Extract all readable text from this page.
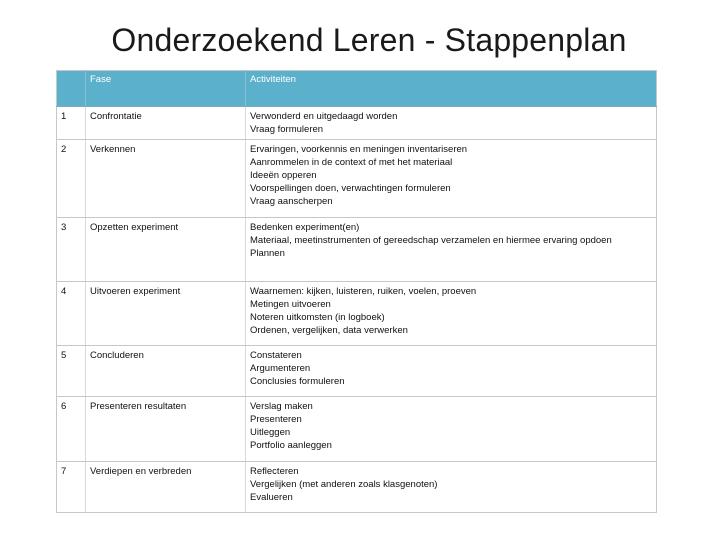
Onderzoekend Leren - Stappenplan
	Fase	Activiteiten
1	Confrontatie	Verwonderd en uitgedaagd worden
Vraag formuleren

2	Verkennen	Ervaringen, voorkennis en meningen inventariseren
Aanrommelen in de context of met het materiaal
Ideeën opperen
Voorspellingen doen, verwachtingen formuleren
Vraag aanscherpen

3	Opzetten experiment	Bedenken experiment(en)
Materiaal, meetinstrumenten of gereedschap verzamelen en hiermee ervaring opdoen
Plannen

4	Uitvoeren experiment	Waarnemen: kijken, luisteren, ruiken, voelen, proeven
Metingen uitvoeren
Noteren uitkomsten (in logboek)
Ordenen, vergelijken, data verwerken

5	Concluderen	Constateren
Argumenteren
Conclusies formuleren

6	Presenteren resultaten	Verslag maken
Presenteren
Uitleggen
Portfolio aanleggen

7	Verdiepen en verbreden	Reflecteren
Vergelijken (met anderen zoals klasgenoten)
Evalueren
